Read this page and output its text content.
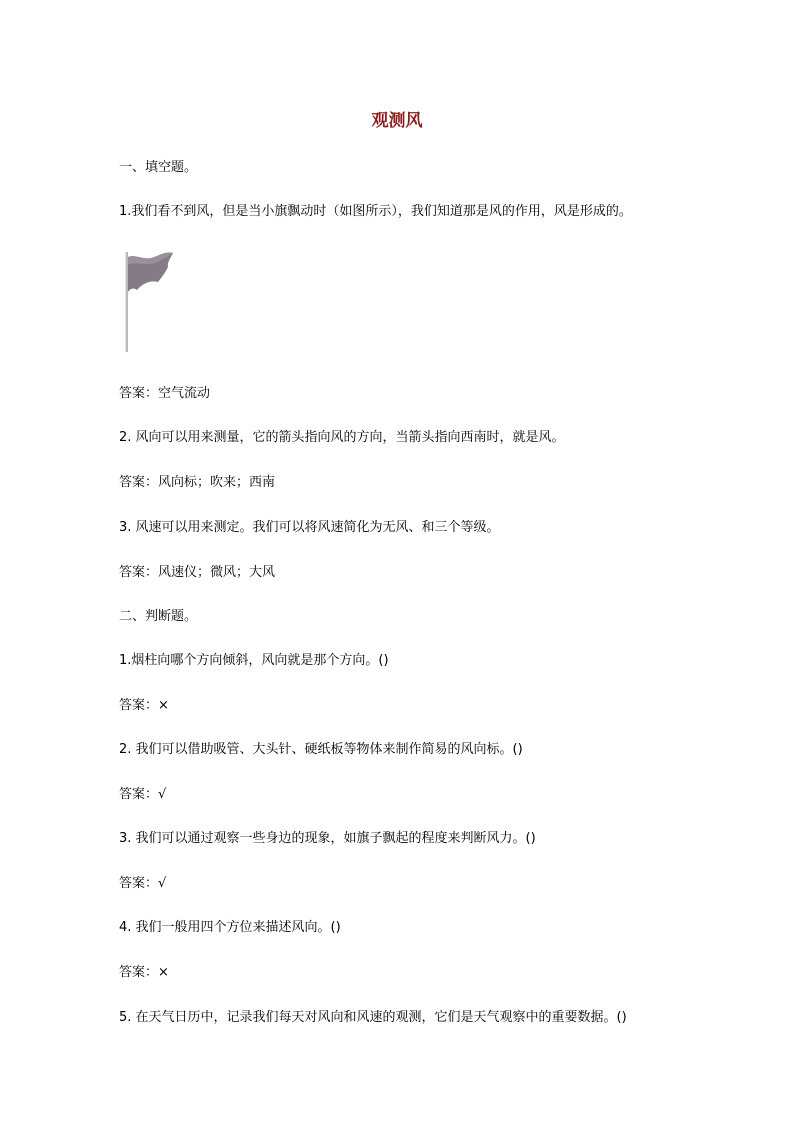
观测风
一、填空题。
1.我们看不到风，但是当小旗飘动时（如图所示），我们知道那是风的作用，风是形成的。
答案：空气流动
2. 风向可以用来测量，它的箭头指向风的方向，当箭头指向西南时，就是风。
答案：风向标；吹来；西南
3. 风速可以用来测定。我们可以将风速简化为无风、和三个等级。
答案：风速仪；微风；大风
二、判断题。
1.烟柱向哪个方向倾斜，风向就是那个方向。()
答案：×
2. 我们可以借助吸管、大头针、硬纸板等物体来制作简易的风向标。()
答案：√
3. 我们可以通过观察一些身边的现象，如旗子飘起的程度来判断风力。()
答案：√
4. 我们一般用四个方位来描述风向。()
答案：×
5. 在天气日历中，记录我们每天对风向和风速的观测，它们是天气观察中的重要数据。()
